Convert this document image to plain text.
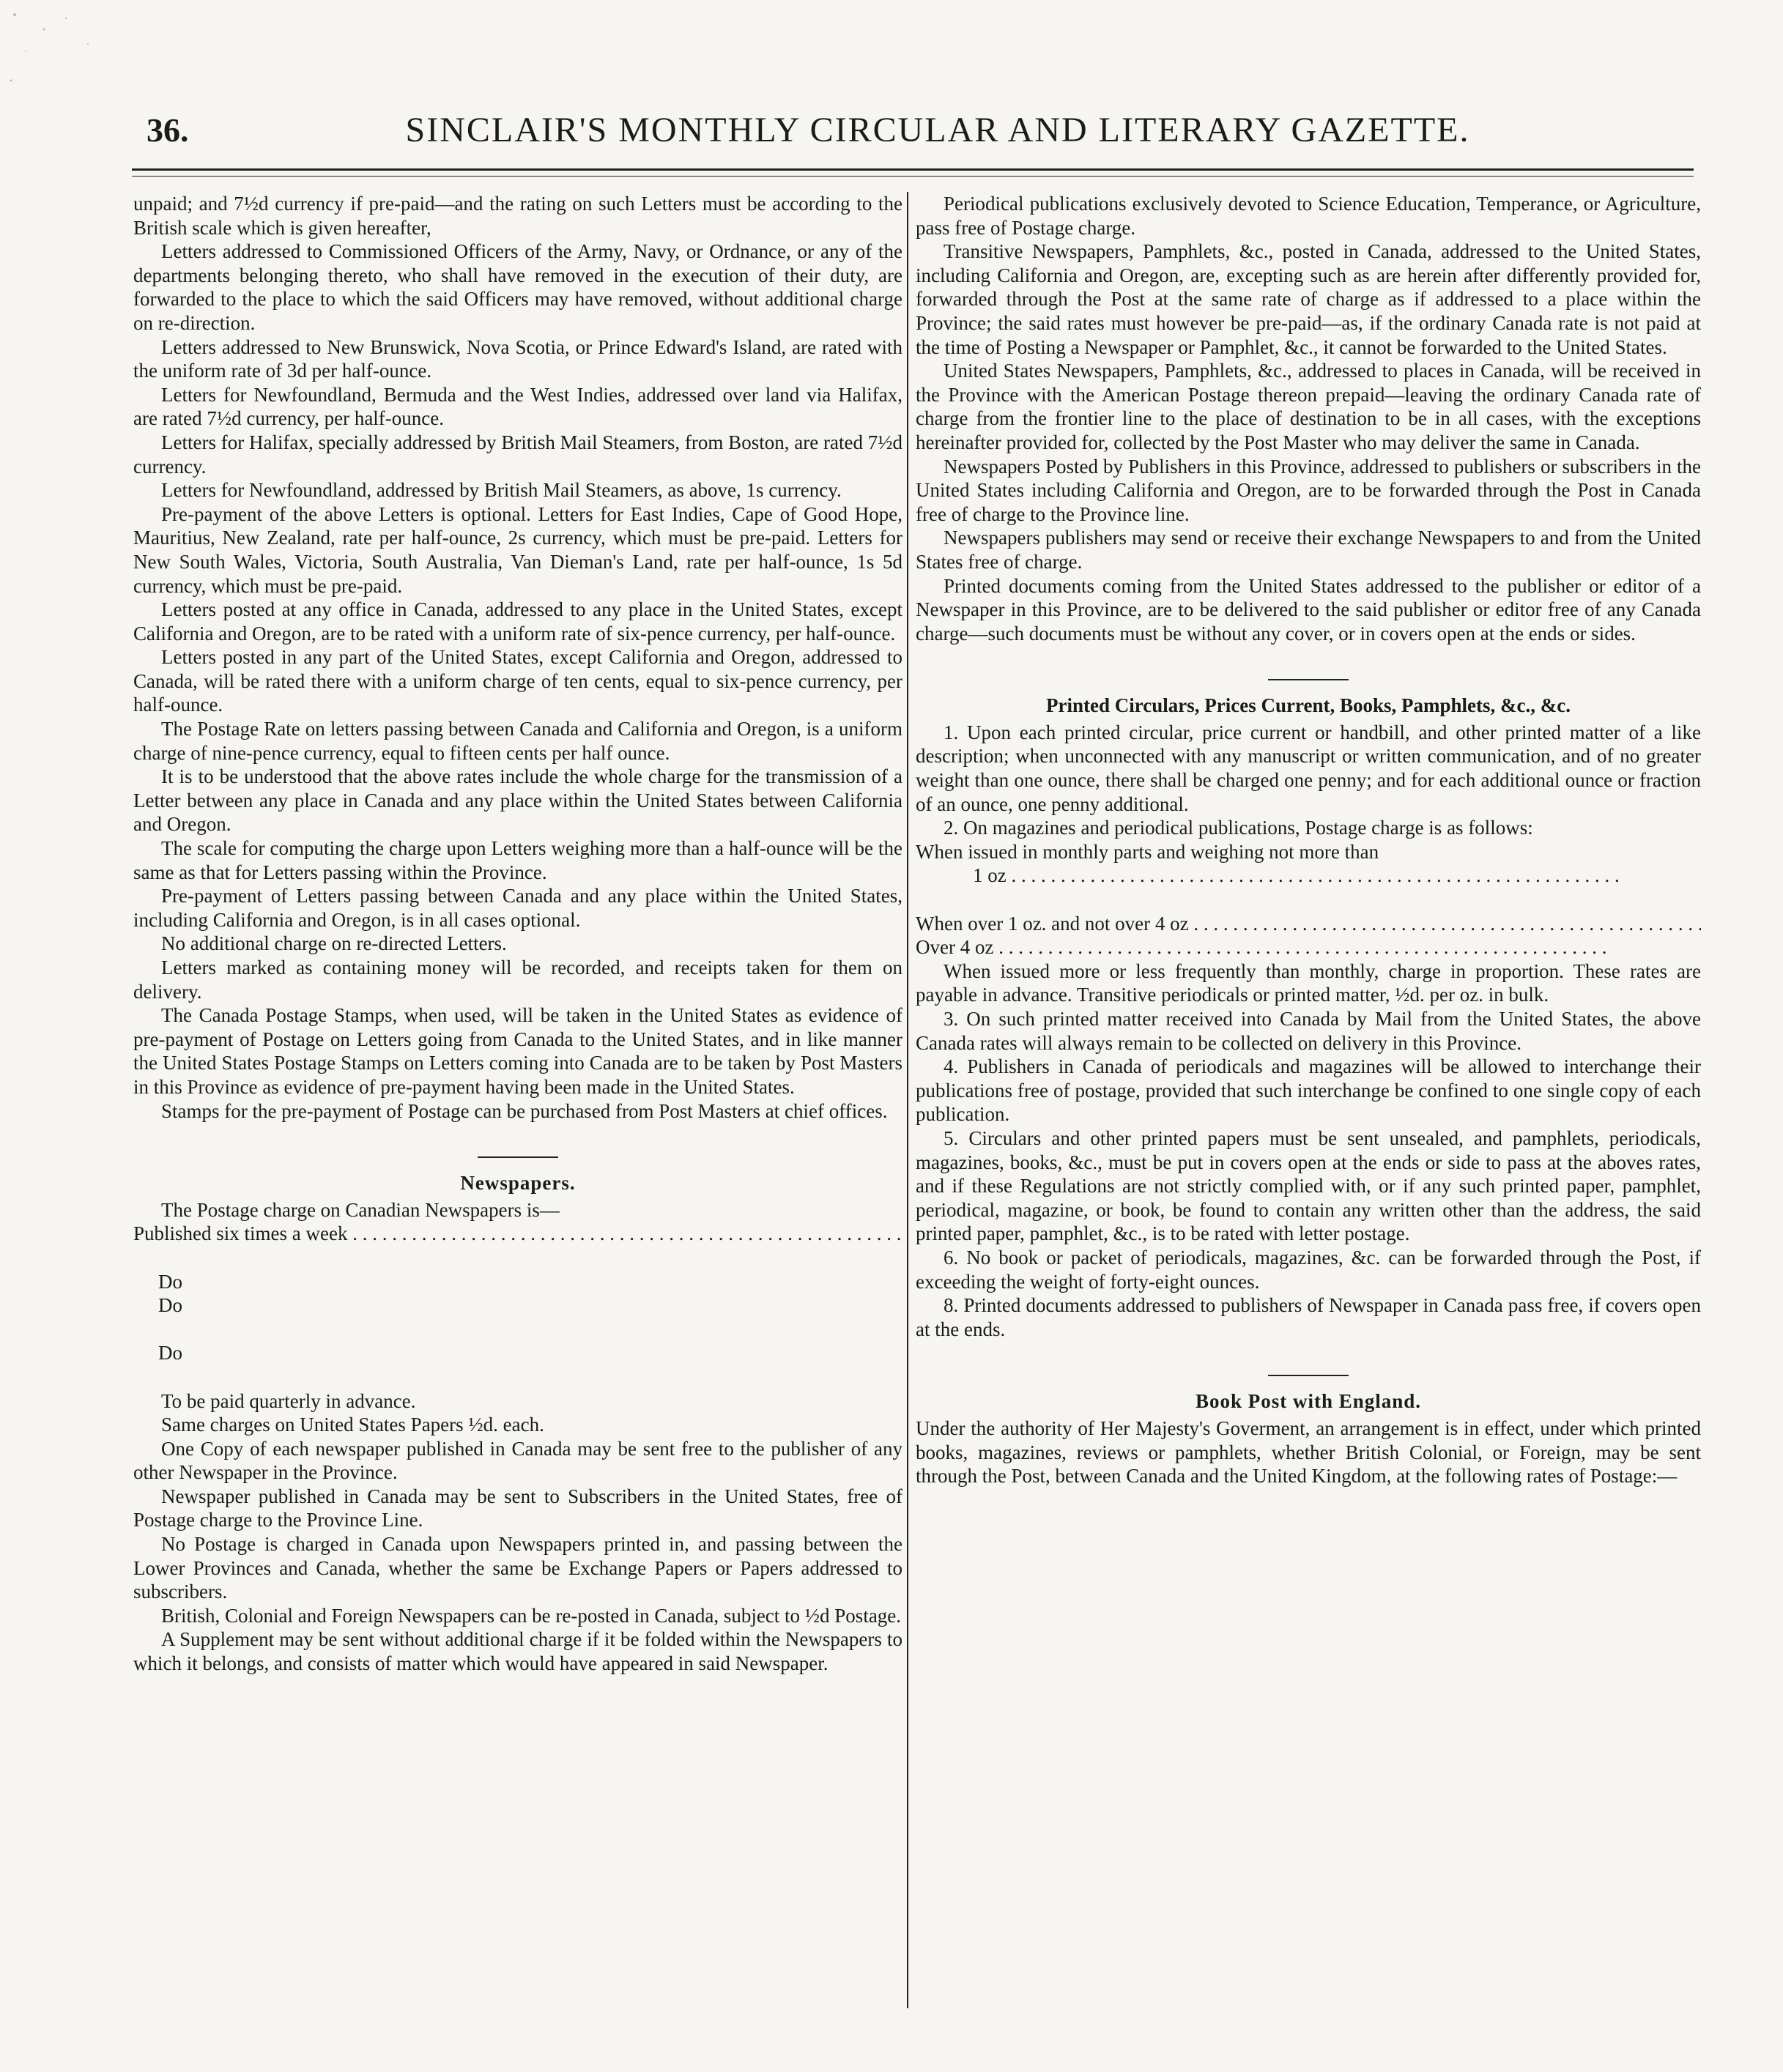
36.	SINCLAIR'S MONTHLY CIRCULAR AND LITERARY GAZETTE.

unpaid; and 7½d currency if pre-paid—and the rating on such Letters must be according to the British scale which is given hereafter,

Letters addressed to Commissioned Officers of the Army, Navy, or Ordnance, or any of the departments belonging thereto, who shall have removed in the execution of their duty, are forwarded to the place to which the said Officers may have removed, without additional charge on re-direction.

Letters addressed to New Brunswick, Nova Scotia, or Prince Edward's Island, are rated with the uniform rate of 3d per half-ounce.

Letters for Newfoundland, Bermuda and the West Indies, addressed over land via Halifax, are rated 7½d currency, per half-ounce.

Letters for Halifax, specially addressed by British Mail Steamers, from Boston, are rated 7½d currency.

Letters for Newfoundland, addressed by British Mail Steamers, as above, 1s currency.

Pre-payment of the above Letters is optional. Letters for East Indies, Cape of Good Hope, Mauritius, New Zealand, rate per half-ounce, 2s currency, which must be pre-paid. Letters for New South Wales, Victoria, South Australia, Van Dieman's Land, rate per half-ounce, 1s 5d currency, which must be pre-paid.

Letters posted at any office in Canada, addressed to any place in the United States, except California and Oregon, are to be rated with a uniform rate of six-pence currency, per half-ounce.

Letters posted in any part of the United States, except California and Oregon, addressed to Canada, will be rated there with a uniform charge of ten cents, equal to six-pence currency, per half-ounce.

The Postage Rate on letters passing between Canada and California and Oregon, is a uniform charge of nine-pence currency, equal to fifteen cents per half ounce.

It is to be understood that the above rates include the whole charge for the transmission of a Letter between any place in Canada and any place within the United States between California and Oregon.

The scale for computing the charge upon Letters weighing more than a half-ounce will be the same as that for Letters passing within the Province.

Pre-payment of Letters passing between Canada and any place within the United States, including California and Oregon, is in all cases optional.

No additional charge on re-directed Letters.

Letters marked as containing money will be recorded, and receipts taken for them on delivery.

The Canada Postage Stamps, when used, will be taken in the United States as evidence of pre-payment of Postage on Letters going from Canada to the United States, and in like manner the United States Postage Stamps on Letters coming into Canada are to be taken by Post Masters in this Province as evidence of pre-payment having been made in the United States.

Stamps for the pre-payment of Postage can be purchased from Post Masters at chief offices.

Newspapers.

The Postage charge on Canadian Newspapers is—

Published six times a week . . .			
Do			
Do			
Do			

To be paid quarterly in advance.

Same charges on United States Papers ½d. each.

One Copy of each newspaper published in Canada may be sent free to the publisher of any other Newspaper in the Province.

Newspaper published in Canada may be sent to Subscribers in the United States, free of Postage charge to the Province Line.

No Postage is charged in Canada upon Newspapers printed in, and passing between the Lower Provinces and Canada, whether the same be Exchange Papers or Papers addressed to subscribers.

British, Colonial and Foreign Newspapers can be re-posted in Canada, subject to ½d Postage.

A Supplement may be sent without additional charge if it be folded within the Newspapers to which it belongs, and consists of matter which would have appeared in said Newspaper.

Periodical publications exclusively devoted to Science Education, Temperance, or Agriculture, pass free of Postage charge.

Transitive Newspapers, Pamphlets, &c., posted in Canada, addressed to the United States, including California and Oregon, are, excepting such as are herein after differently provided for, forwarded through the Post at the same rate of charge as if addressed to a place within the Province; the said rates must however be pre-paid—as, if the ordinary Canada rate is not paid at the time of Posting a Newspaper or Pamphlet, &c., it cannot be forwarded to the United States.

United States Newspapers, Pamphlets, &c., addressed to places in Canada, will be received in the Province with the American Postage thereon prepaid—leaving the ordinary Canada rate of charge from the frontier line to the place of destination to be in all cases, with the exceptions hereinafter provided for, collected by the Post Master who may deliver the same in Canada.

Newspapers Posted by Publishers in this Province, addressed to publishers or subscribers in the United States including California and Oregon, are to be forwarded through the Post in Canada free of charge to the Province line.

Newspapers publishers may send or receive their exchange Newspapers to and from the United States free of charge.

Printed documents coming from the United States addressed to the publisher or editor of a Newspaper in this Province, are to be delivered to the said publisher or editor free of any Canada charge—such documents must be without any cover, or in covers open at the ends or sides.

Printed Circulars, Prices Current, Books, Pamphlets, &c., &c.

1. Upon each printed circular, price current or handbill, and other printed matter of a like description; when unconnected with any manuscript or written communication, and of no greater weight than one ounce, there shall be charged one penny; and for each additional ounce or fraction of an ounce, one penny additional.

2. On magazines and periodical publications, Postage charge is as follows:

When issued in monthly parts and weighing not more than

1 oz . . .		
When over 1 oz. and not over 4 oz . . .		
Over 4 oz . . .		

When issued more or less frequently than monthly, charge in proportion. These rates are payable in advance. Transitive periodicals or printed matter, ½d. per oz. in bulk.

3. On such printed matter received into Canada by Mail from the United States, the above Canada rates will always remain to be collected on delivery in this Province.

4. Publishers in Canada of periodicals and magazines will be allowed to interchange their publications free of postage, provided that such interchange be confined to one single copy of each publication.

5. Circulars and other printed papers must be sent unsealed, and pamphlets, periodicals, magazines, books, &c., must be put in covers open at the ends or side to pass at the aboves rates, and if these Regulations are not strictly complied with, or if any such printed paper, pamphlet, periodical, magazine, or book, be found to contain any written other than the address, the said printed paper, pamphlet, &c., is to be rated with letter postage.

6. No book or packet of periodicals, magazines, &c. can be forwarded through the Post, if exceeding the weight of forty-eight ounces.

8. Printed documents addressed to publishers of Newspaper in Canada pass free, if covers open at the ends.

Book Post with England.

Under the authority of Her Majesty's Goverment, an arrangement is in effect, under which printed books, magazines, reviews or pamphlets, whether British Colonial, or Foreign, may be sent through the Post, between Canada and the United Kingdom, at the following rates of Postage:—
